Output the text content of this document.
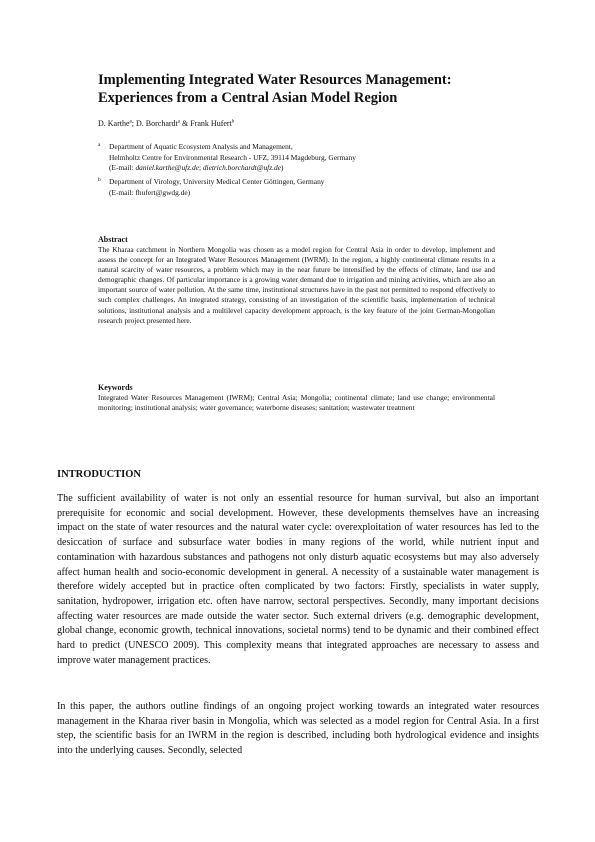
Implementing Integrated Water Resources Management:
Experiences from a Central Asian Model Region
D. Karthe$^a$; D. Borchardt$^a$ & Frank Hufert$^b$
a	Department of Aquatic Ecosystem Analysis and Management,
Helmholtz Centre for Environmental Research - UFZ, 39114 Magdeburg, Germany
(E-mail: daniel.karthe@ufz.de; dietrich.borchardt@ufz.de)
b	Department of Virology, University Medical Center Göttingen, Germany
(E-mail: fhufert@gwdg.de)
Abstract
The Kharaa catchment in Northern Mongolia was chosen as a model region for Central Asia in order to develop, implement and assess the concept for an Integrated Water Resources Management (IWRM). In the region, a highly continental climate results in a natural scarcity of water resources, a problem which may in the near future be intensified by the effects of climate, land use and demographic changes. Of particular importance is a growing water demand due to irrigation and mining activities, which are also an important source of water pollution. At the same time, institutional structures have in the past not permitted to respond effectively to such complex challenges. An integrated strategy, consisting of an investigation of the scientific basis, implementation of technical solutions, institutional analysis and a multilevel capacity development approach, is the key feature of the joint German-Mongolian research project presented here.
Keywords
Integrated Water Resources Management (IWRM); Central Asia; Mongolia; continental climate; land use change; environmental monitoring; institutional analysis; water governance; waterborne diseases; sanitation; wastewater treatment
INTRODUCTION

The sufficient availability of water is not only an essential resource for human survival, but also an important prerequisite for economic and social development. However, these developments themselves have an increasing impact on the state of water resources and the natural water cycle: overexploitation of water resources has led to the desiccation of surface and subsurface water bodies in many regions of the world, while nutrient input and contamination with hazardous substances and pathogens not only disturb aquatic ecosystems but may also adversely affect human health and socio-economic development in general. A necessity of a sustainable water management is therefore widely accepted but in practice often complicated by two factors: Firstly, specialists in water supply, sanitation, hydropower, irrigation etc. often have narrow, sectoral perspectives. Secondly, many important decisions affecting water resources are made outside the water sector. Such external drivers (e.g. demographic development, global change, economic growth, technical innovations, societal norms) tend to be dynamic and their combined effect hard to predict (UNESCO 2009). This complexity means that integrated approaches are necessary to assess and improve water management practices.

In this paper, the authors outline findings of an ongoing project working towards an integrated water resources management in the Kharaa river basin in Mongolia, which was selected as a model region for Central Asia. In a first step, the scientific basis for an IWRM in the region is described, including both hydrological evidence and insights into the underlying causes. Secondly, selected
